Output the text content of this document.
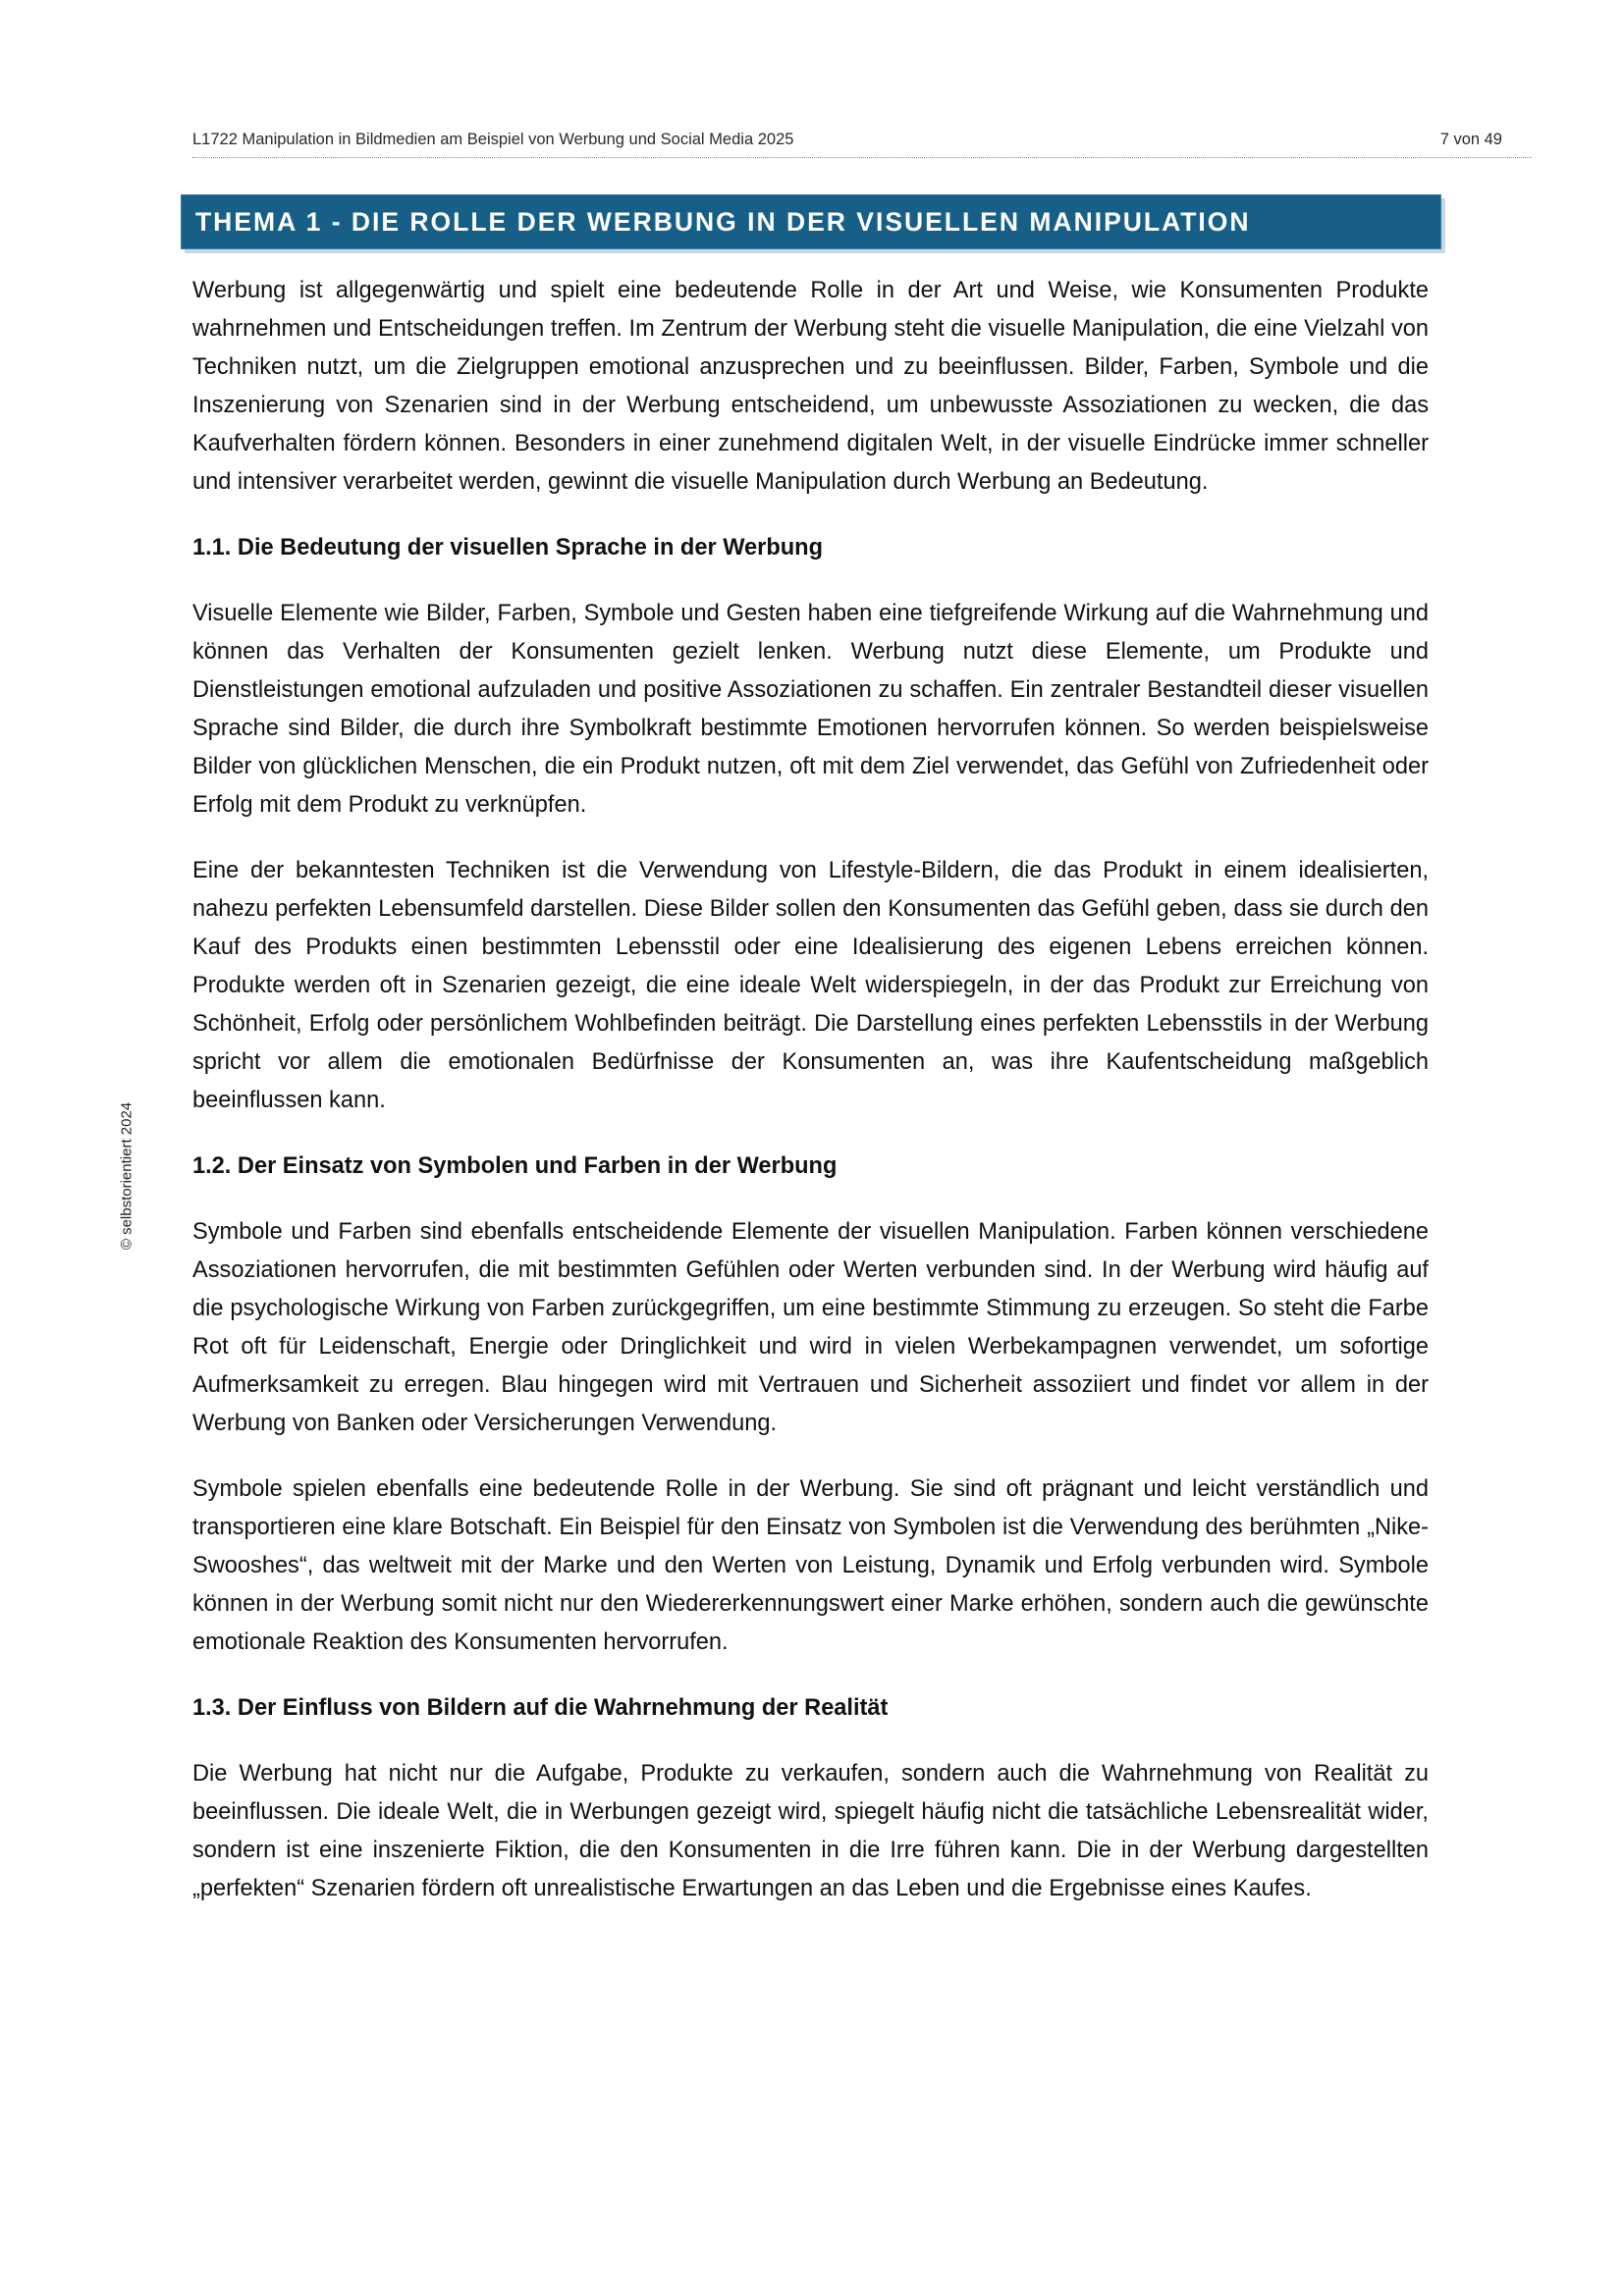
L1722 Manipulation in Bildmedien am Beispiel von Werbung und Social Media 2025	7 von 49
© selbstorientiert 2024
THEMA 1 - DIE ROLLE DER WERBUNG IN DER VISUELLEN MANIPULATION

Werbung ist allgegenwärtig und spielt eine bedeutende Rolle in der Art und Weise, wie Konsumenten Produkte wahrnehmen und Entscheidungen treffen. Im Zentrum der Werbung steht die visuelle Manipulation, die eine Vielzahl von Techniken nutzt, um die Zielgruppen emotional anzusprechen und zu beeinflussen. Bilder, Farben, Symbole und die Inszenierung von Szenarien sind in der Werbung entscheidend, um unbewusste Assoziationen zu wecken, die das Kaufverhalten fördern können. Besonders in einer zunehmend digitalen Welt, in der visuelle Eindrücke immer schneller und intensiver verarbeitet werden, gewinnt die visuelle Manipulation durch Werbung an Bedeutung.

1.1. Die Bedeutung der visuellen Sprache in der Werbung

Visuelle Elemente wie Bilder, Farben, Symbole und Gesten haben eine tiefgreifende Wirkung auf die Wahrnehmung und können das Verhalten der Konsumenten gezielt lenken. Werbung nutzt diese Elemente, um Produkte und Dienstleistungen emotional aufzuladen und positive Assoziationen zu schaffen. Ein zentraler Bestandteil dieser visuellen Sprache sind Bilder, die durch ihre Symbolkraft bestimmte Emotionen hervorrufen können. So werden beispielsweise Bilder von glücklichen Menschen, die ein Produkt nutzen, oft mit dem Ziel verwendet, das Gefühl von Zufriedenheit oder Erfolg mit dem Produkt zu verknüpfen.

Eine der bekanntesten Techniken ist die Verwendung von Lifestyle-Bildern, die das Produkt in einem idealisierten, nahezu perfekten Lebensumfeld darstellen. Diese Bilder sollen den Konsumenten das Gefühl geben, dass sie durch den Kauf des Produkts einen bestimmten Lebensstil oder eine Idealisierung des eigenen Lebens erreichen können. Produkte werden oft in Szenarien gezeigt, die eine ideale Welt widerspiegeln, in der das Produkt zur Erreichung von Schönheit, Erfolg oder persönlichem Wohlbefinden beiträgt. Die Darstellung eines perfekten Lebensstils in der Werbung spricht vor allem die emotionalen Bedürfnisse der Konsumenten an, was ihre Kaufentscheidung maßgeblich beeinflussen kann.

1.2. Der Einsatz von Symbolen und Farben in der Werbung

Symbole und Farben sind ebenfalls entscheidende Elemente der visuellen Manipulation. Farben können verschiedene Assoziationen hervorrufen, die mit bestimmten Gefühlen oder Werten verbunden sind. In der Werbung wird häufig auf die psychologische Wirkung von Farben zurückgegriffen, um eine bestimmte Stimmung zu erzeugen. So steht die Farbe Rot oft für Leidenschaft, Energie oder Dringlichkeit und wird in vielen Werbekampagnen verwendet, um sofortige Aufmerksamkeit zu erregen. Blau hingegen wird mit Vertrauen und Sicherheit assoziiert und findet vor allem in der Werbung von Banken oder Versicherungen Verwendung.

Symbole spielen ebenfalls eine bedeutende Rolle in der Werbung. Sie sind oft prägnant und leicht verständlich und transportieren eine klare Botschaft. Ein Beispiel für den Einsatz von Symbolen ist die Verwendung des berühmten „Nike-Swooshes“, das weltweit mit der Marke und den Werten von Leistung, Dynamik und Erfolg verbunden wird. Symbole können in der Werbung somit nicht nur den Wiedererkennungswert einer Marke erhöhen, sondern auch die gewünschte emotionale Reaktion des Konsumenten hervorrufen.

1.3. Der Einfluss von Bildern auf die Wahrnehmung der Realität

Die Werbung hat nicht nur die Aufgabe, Produkte zu verkaufen, sondern auch die Wahrnehmung von Realität zu beeinflussen. Die ideale Welt, die in Werbungen gezeigt wird, spiegelt häufig nicht die tatsächliche Lebensrealität wider, sondern ist eine inszenierte Fiktion, die den Konsumenten in die Irre führen kann. Die in der Werbung dargestellten „perfekten“ Szenarien fördern oft unrealistische Erwartungen an das Leben und die Ergebnisse eines Kaufes.
